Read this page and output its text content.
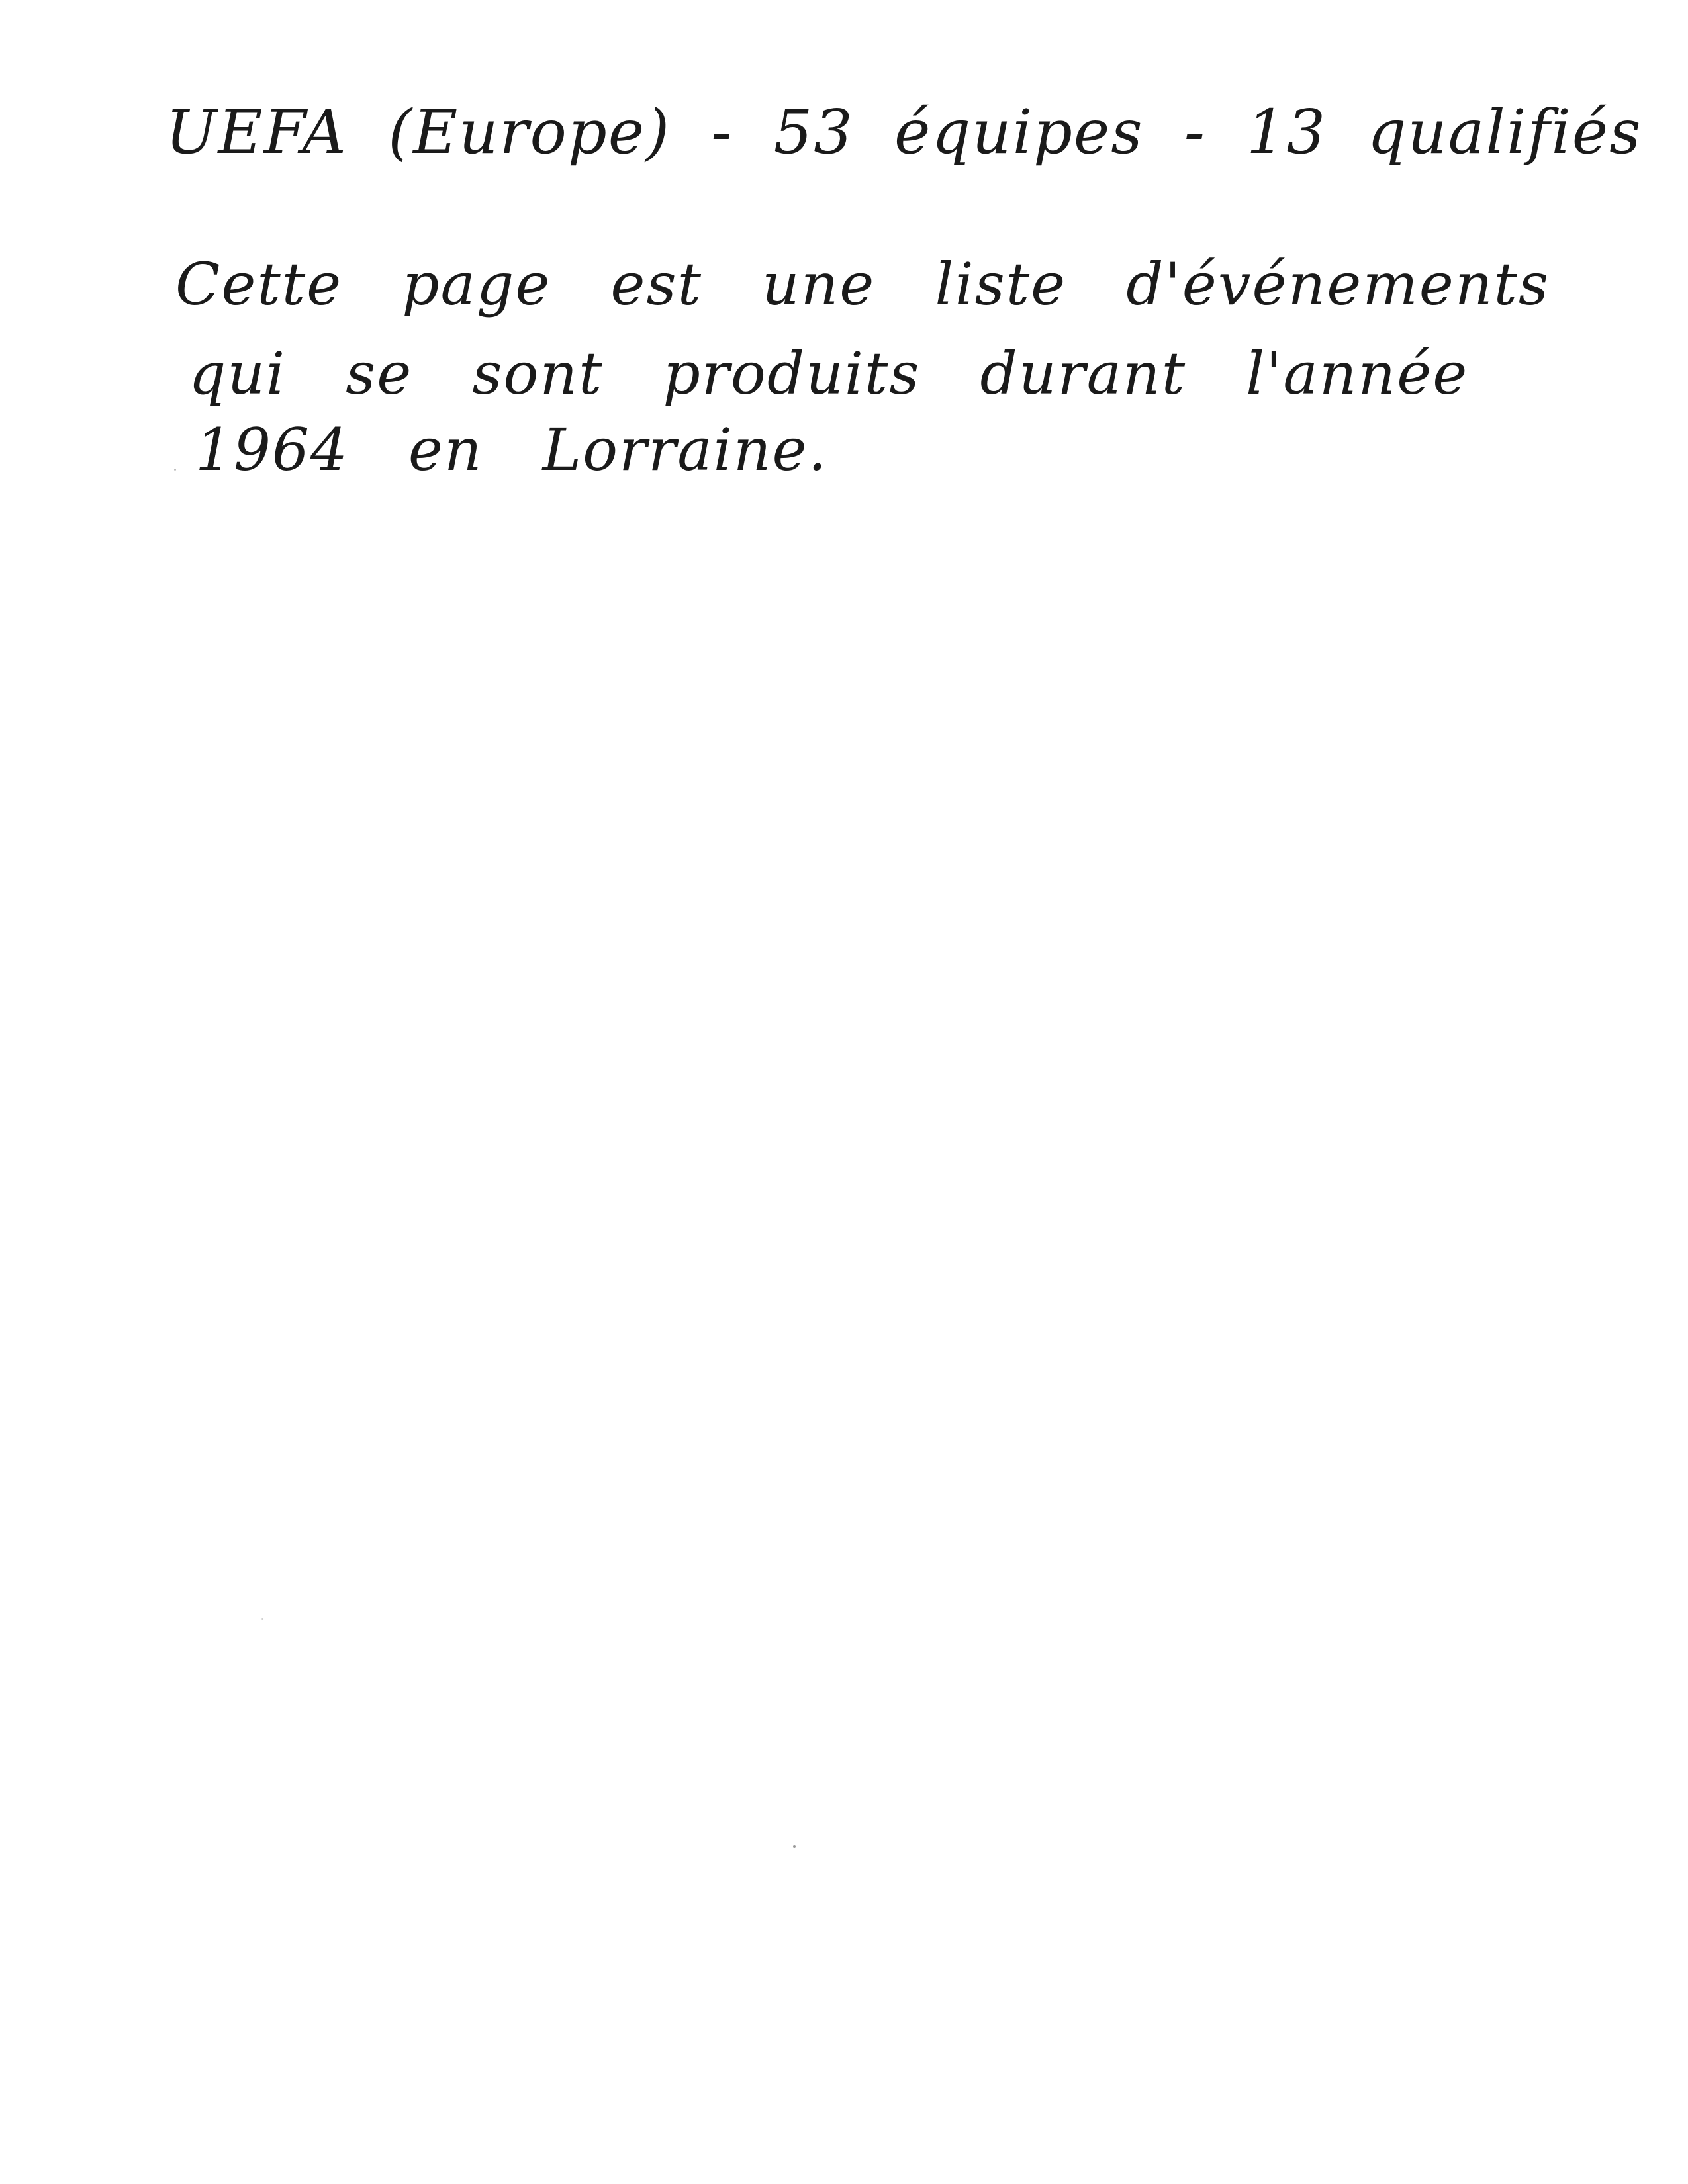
UEFA (Europe) - 53 équipes - 13 qualifiés

Cette page est une liste d'événements

qui se sont produits durant l'année

1964 en Lorraine.
